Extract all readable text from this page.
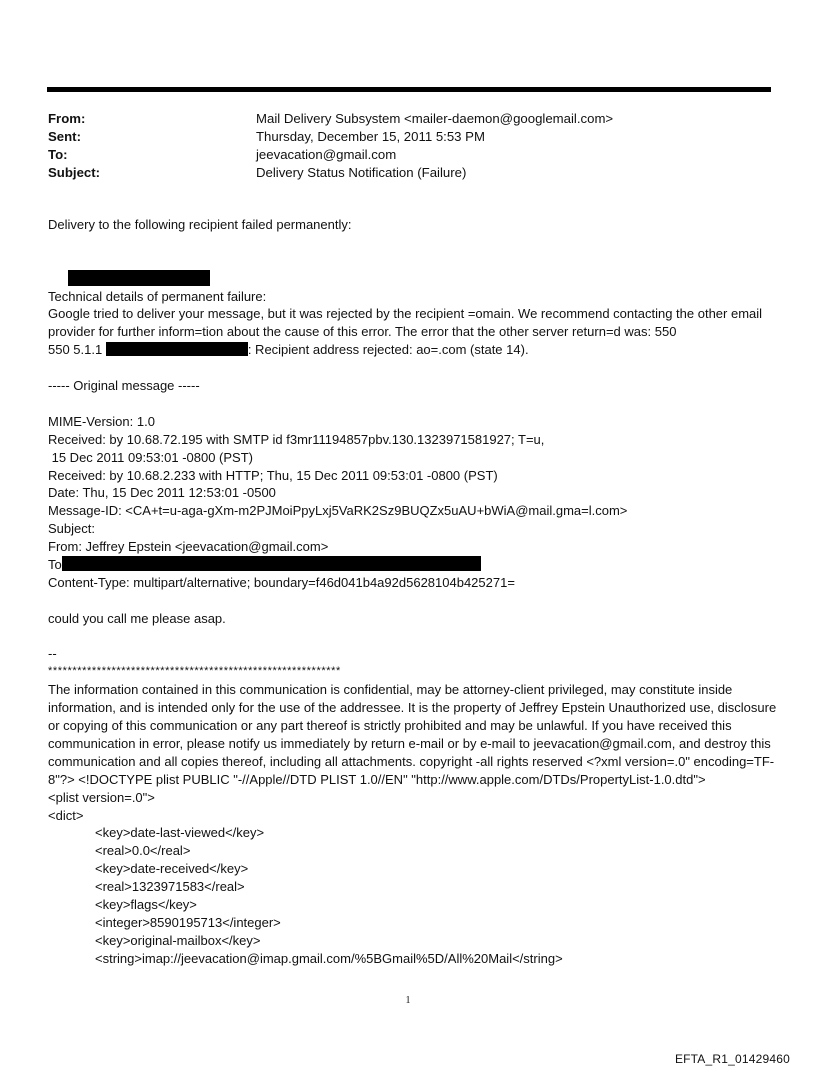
From:	Mail Delivery Subsystem <mailer-daemon@googlemail.com>
Sent:	Thursday, December 15, 2011 5:53 PM
To:	jeevacation@gmail.com
Subject:	Delivery Status Notification (Failure)
Delivery to the following recipient failed permanently:

Technical details of permanent failure:
Google tried to deliver your message, but it was rejected by the recipient =omain. We recommend contacting the other email provider for further inform=tion about the cause of this error. The error that the other server return=d was: 550
550 5.1.1	: Recipient address rejected: ao=.com (state 14).
----- Original message -----
MIME-Version: 1.0
Received: by 10.68.72.195 with SMTP id f3mr11194857pbv.130.1323971581927; T=u,
15 Dec 2011 09:53:01 -0800 (PST)
Received: by 10.68.2.233 with HTTP; Thu, 15 Dec 2011 09:53:01 -0800 (PST)
Date: Thu, 15 Dec 2011 12:53:01 -0500
Message-ID: <CA+t=u-aga-gXm-m2PJMoiPpyLxj5VaRK2Sz9BUQZx5uAU+bWiA@mail.gma=l.com>
Subject:
From: Jeffrey Epstein <jeevacation@gmail.com>
To
Content-Type: multipart/alternative; boundary=f46d041b4a92d5628104b425271=
could you call me please asap.
--
************************************************************
The information contained in this communication is confidential, may be attorney-client privileged, may constitute inside information, and is intended only for the use of the addressee. It is the property of Jeffrey Epstein Unauthorized use, disclosure or copying of this communication or any part thereof is strictly prohibited and may be unlawful. If you have received this communication in error, please notify us immediately by return e-mail or by e-mail to jeevacation@gmail.com, and destroy this communication and all copies thereof, including all attachments. copyright -all rights reserved <?xml version=.0" encoding=TF-8"?> <!DOCTYPE plist PUBLIC "-//Apple//DTD PLIST 1.0//EN" "http://www.apple.com/DTDs/PropertyList-1.0.dtd">
<plist version=.0">
<dict>
<key>date-last-viewed</key>
<real>0.0</real>
<key>date-received</key>
<real>1323971583</real>
<key>flags</key>
<integer>8590195713</integer>
<key>original-mailbox</key>
<string>imap://jeevacation@imap.gmail.com/%5BGmail%5D/All%20Mail</string>
1
EFTA_R1_01429460
